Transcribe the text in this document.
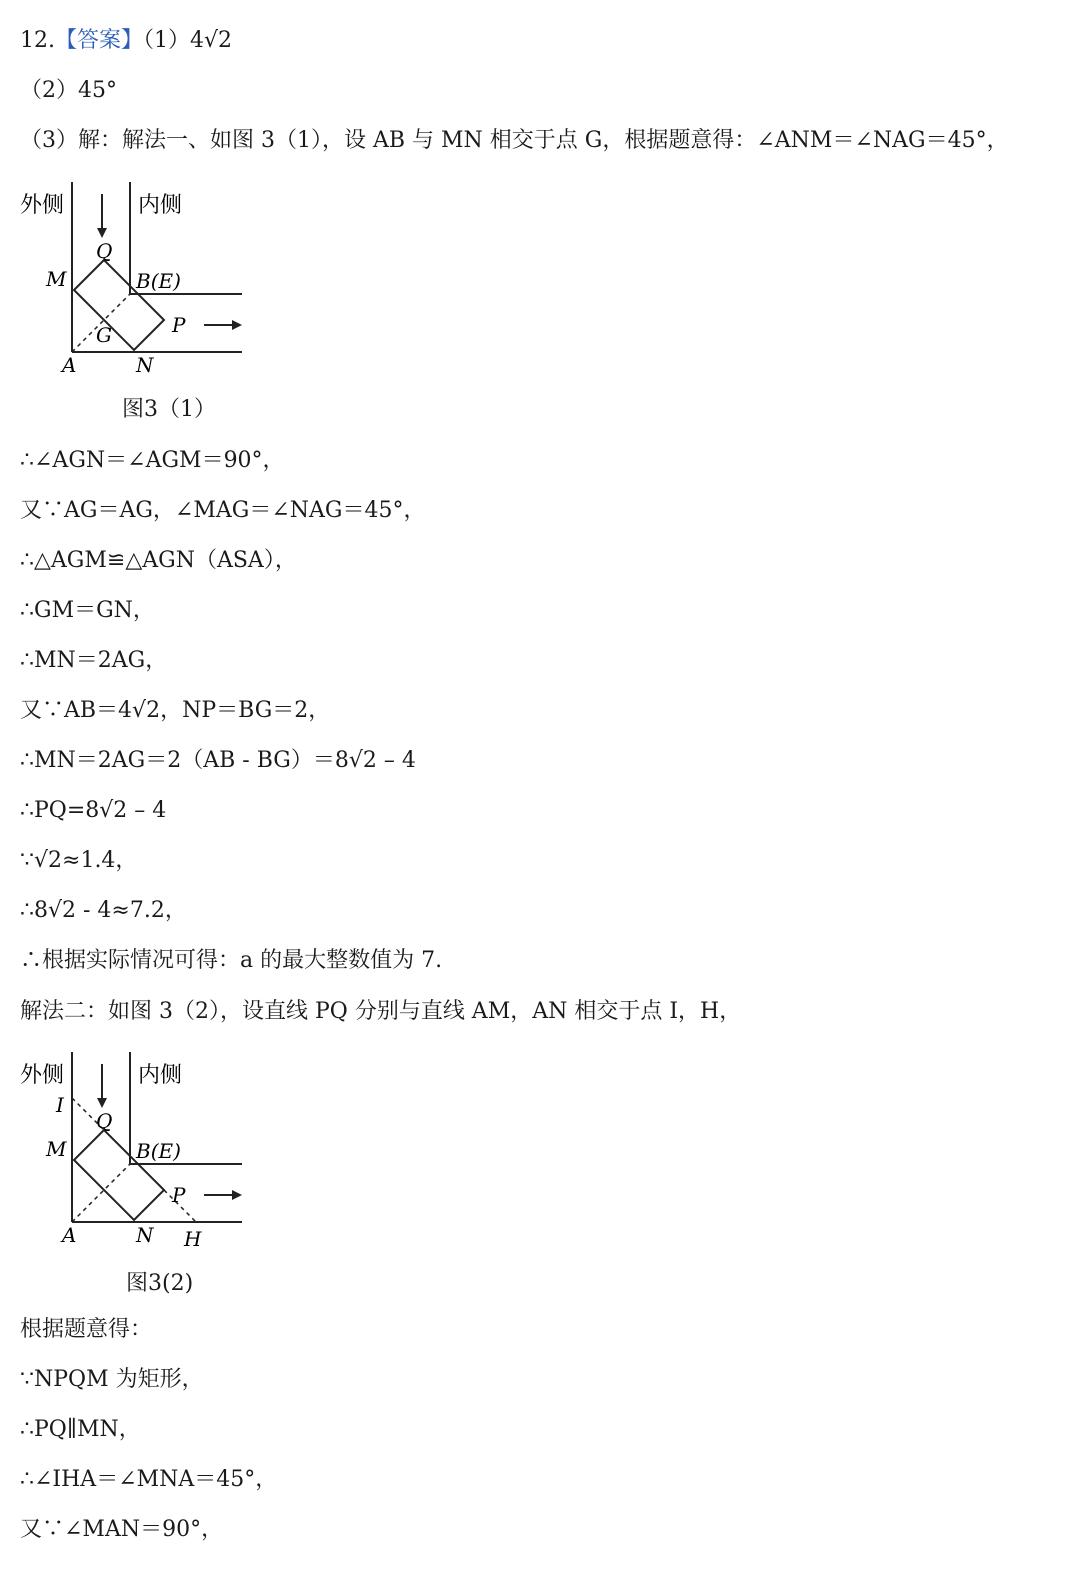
12.【答案】（1）4√2
（2）45°
（3）解：解法一、如图 3（1），设 AB 与 MN 相交于点 G，根据题意得：∠ANM＝∠NAG＝45°，
外侧	内侧
Q
M	B(E)
G	P
A	N
图3（1）
∴∠AGN＝∠AGM＝90°，
又∵AG＝AG，∠MAG＝∠NAG＝45°，
∴△AGM≌△AGN（ASA），
∴GM＝GN，
∴MN＝2AG，
又∵AB＝4√2，NP＝BG＝2，
∴MN＝2AG＝2（AB - BG）＝8√2 – 4
∴PQ=8√2 – 4
∵√2≈1.4，
∴8√2 - 4≈7.2，
∴根据实际情况可得：a 的最大整数值为 7.
解法二：如图 3（2），设直线 PQ 分别与直线 AM，AN 相交于点 I，H，
外侧	内侧
I
Q
M	B(E)
P
A	N H
图3(2)
根据题意得：
∵NPQM 为矩形，
∴PQ∥MN，
∴∠IHA＝∠MNA＝45°，
又∵∠MAN＝90°，
